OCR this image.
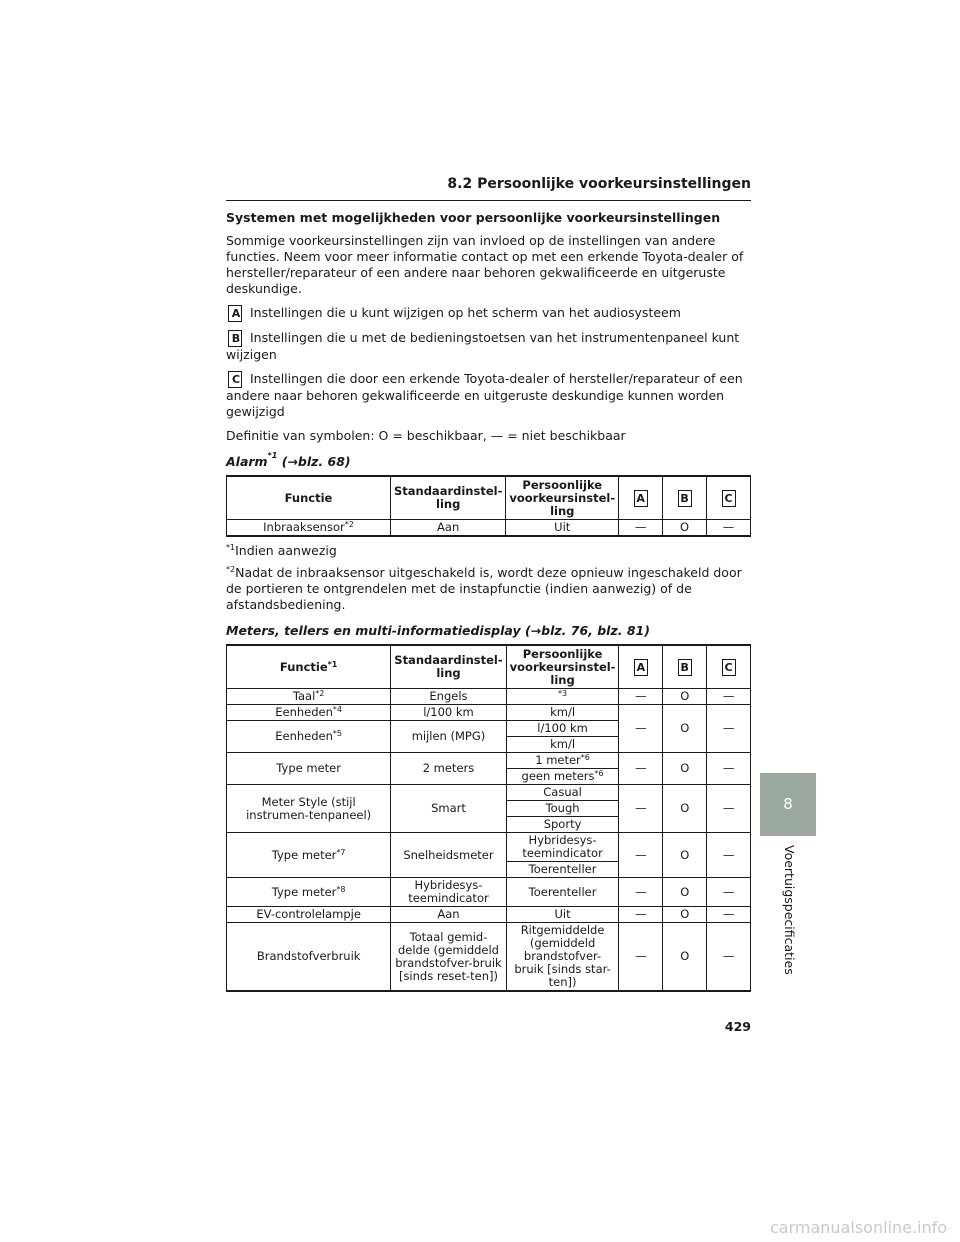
8.2 Persoonlijke voorkeursinstellingen
Systemen met mogelijkheden voor persoonlijke voorkeursinstellingen

Sommige voorkeursinstellingen zijn van invloed op de instellingen van andere functies. Neem voor meer informatie contact op met een erkende Toyota-dealer of hersteller/reparateur of een andere naar behoren gekwalificeerde en uitgeruste deskundige.

A Instellingen die u kunt wijzigen op het scherm van het audiosysteem

B Instellingen die u met de bedieningstoetsen van het instrumentenpaneel kunt wijzigen

C Instellingen die door een erkende Toyota-dealer of hersteller/reparateur of een andere naar behoren gekwalificeerde en uitgeruste deskundige kunnen worden gewijzigd

Definitie van symbolen: O = beschikbaar, — = niet beschikbaar

Alarm$^{*1}$ (→blz. 68)
Functie	Standaardinstel-ling	Persoonlijke voorkeursinstel-ling	A	B	C
Inbraaksensor$^{*2}$	Aan	Uit	—	O	—
$^{*1}$Indien aanwezig
$^{*2}$Nadat de inbraaksensor uitgeschakeld is, wordt deze opnieuw ingeschakeld door de portieren te ontgrendelen met de instapfunctie (indien aanwezig) of de afstandsbediening.
Meters, tellers en multi-informatiedisplay (→blz. 76, blz. 81)
Functie$^{*1}$	Standaardinstel-ling	Persoonlijke voorkeursinstel-ling	A	B	C
Taal$^{*2}$	Engels	$^{*3}$	—	O	—
Eenheden$^{*4}$	l/100 km	km/l	—	O	—
Eenheden$^{*5}$	mijlen (MPG)	l/100 km			
		km/l			
Type meter	2 meters	1 meter$^{*6}$	—	O	—
		geen meters$^{*6}$
Meter Style (stijl instrumen-tenpaneel)	Smart	Casual	—	O	—
		Tough			
		Sporty			
Type meter$^{*7}$	Snelheidsmeter	Hybridesys-teemindicator	—	O	—
		Toerenteller			
Type meter$^{*8}$	Hybridesys-teemindicator	Toerenteller	—	O	—
EV-controlelampje	Aan	Uit	—	O	—
Brandstofverbruik	Totaal gemid-delde (gemiddeld brandstofver-bruik [sinds reset-ten])	Ritgemiddelde (gemiddeld brandstofver-bruik [sinds star-ten])	—	O	—
8
Voertuigspecificaties
429
carmanualsonline.info
